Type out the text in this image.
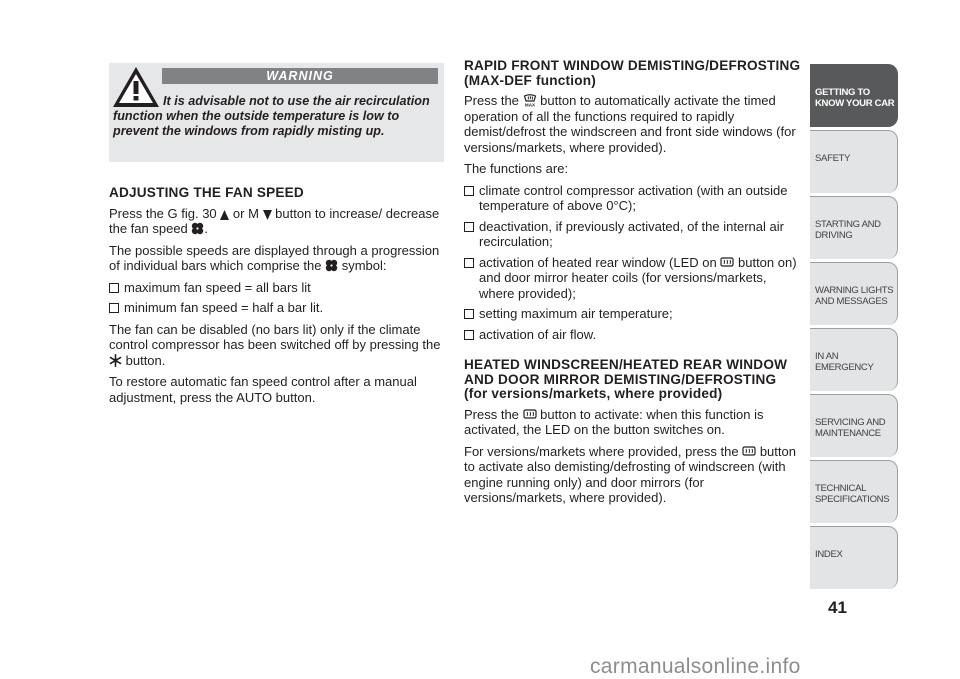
WARNING

It is advisable not to use the air recirculation function when the outside temperature is low to prevent the windows from rapidly misting up.

ADJUSTING THE FAN SPEED

Press the G fig. 30 or M button to increase/ decrease the fan speed .

The possible speeds are displayed through a progression of individual bars which comprise the symbol:

maximum fan speed = all bars lit
minimum fan speed = half a bar lit.

The fan can be disabled (no bars lit) only if the climate control compressor has been switched off by pressing the
button.

To restore automatic fan speed control after a manual adjustment, press the AUTO button.

RAPID FRONT WINDOW DEMISTING/DEFROSTING (MAX-DEF function)

Press the MAX button to automatically activate the timed operation of all the functions required to rapidly demist/defrost the windscreen and front side windows (for versions/markets, where provided).

The functions are:

climate control compressor activation (with an outside temperature of above 0°C);
deactivation, if previously activated, of the internal air recirculation;
activation of heated rear window (LED on button on) and door mirror heater coils (for versions/markets, where provided);
setting maximum air temperature;
activation of air flow.
HEATED WINDSCREEN/HEATED REAR WINDOW AND DOOR MIRROR DEMISTING/DEFROSTING (for versions/markets, where provided)

Press the button to activate: when this function is activated, the LED on the button switches on.

For versions/markets where provided, press the button to activate also demisting/defrosting of windscreen (with engine running only) and door mirrors (for versions/markets, where provided).

GETTING TO KNOW YOUR CAR
SAFETY
STARTING AND DRIVING
WARNING LIGHTS AND MESSAGES
IN AN EMERGENCY
SERVICING AND MAINTENANCE
TECHNICAL SPECIFICATIONS
INDEX
41
carmanualsonline.info
